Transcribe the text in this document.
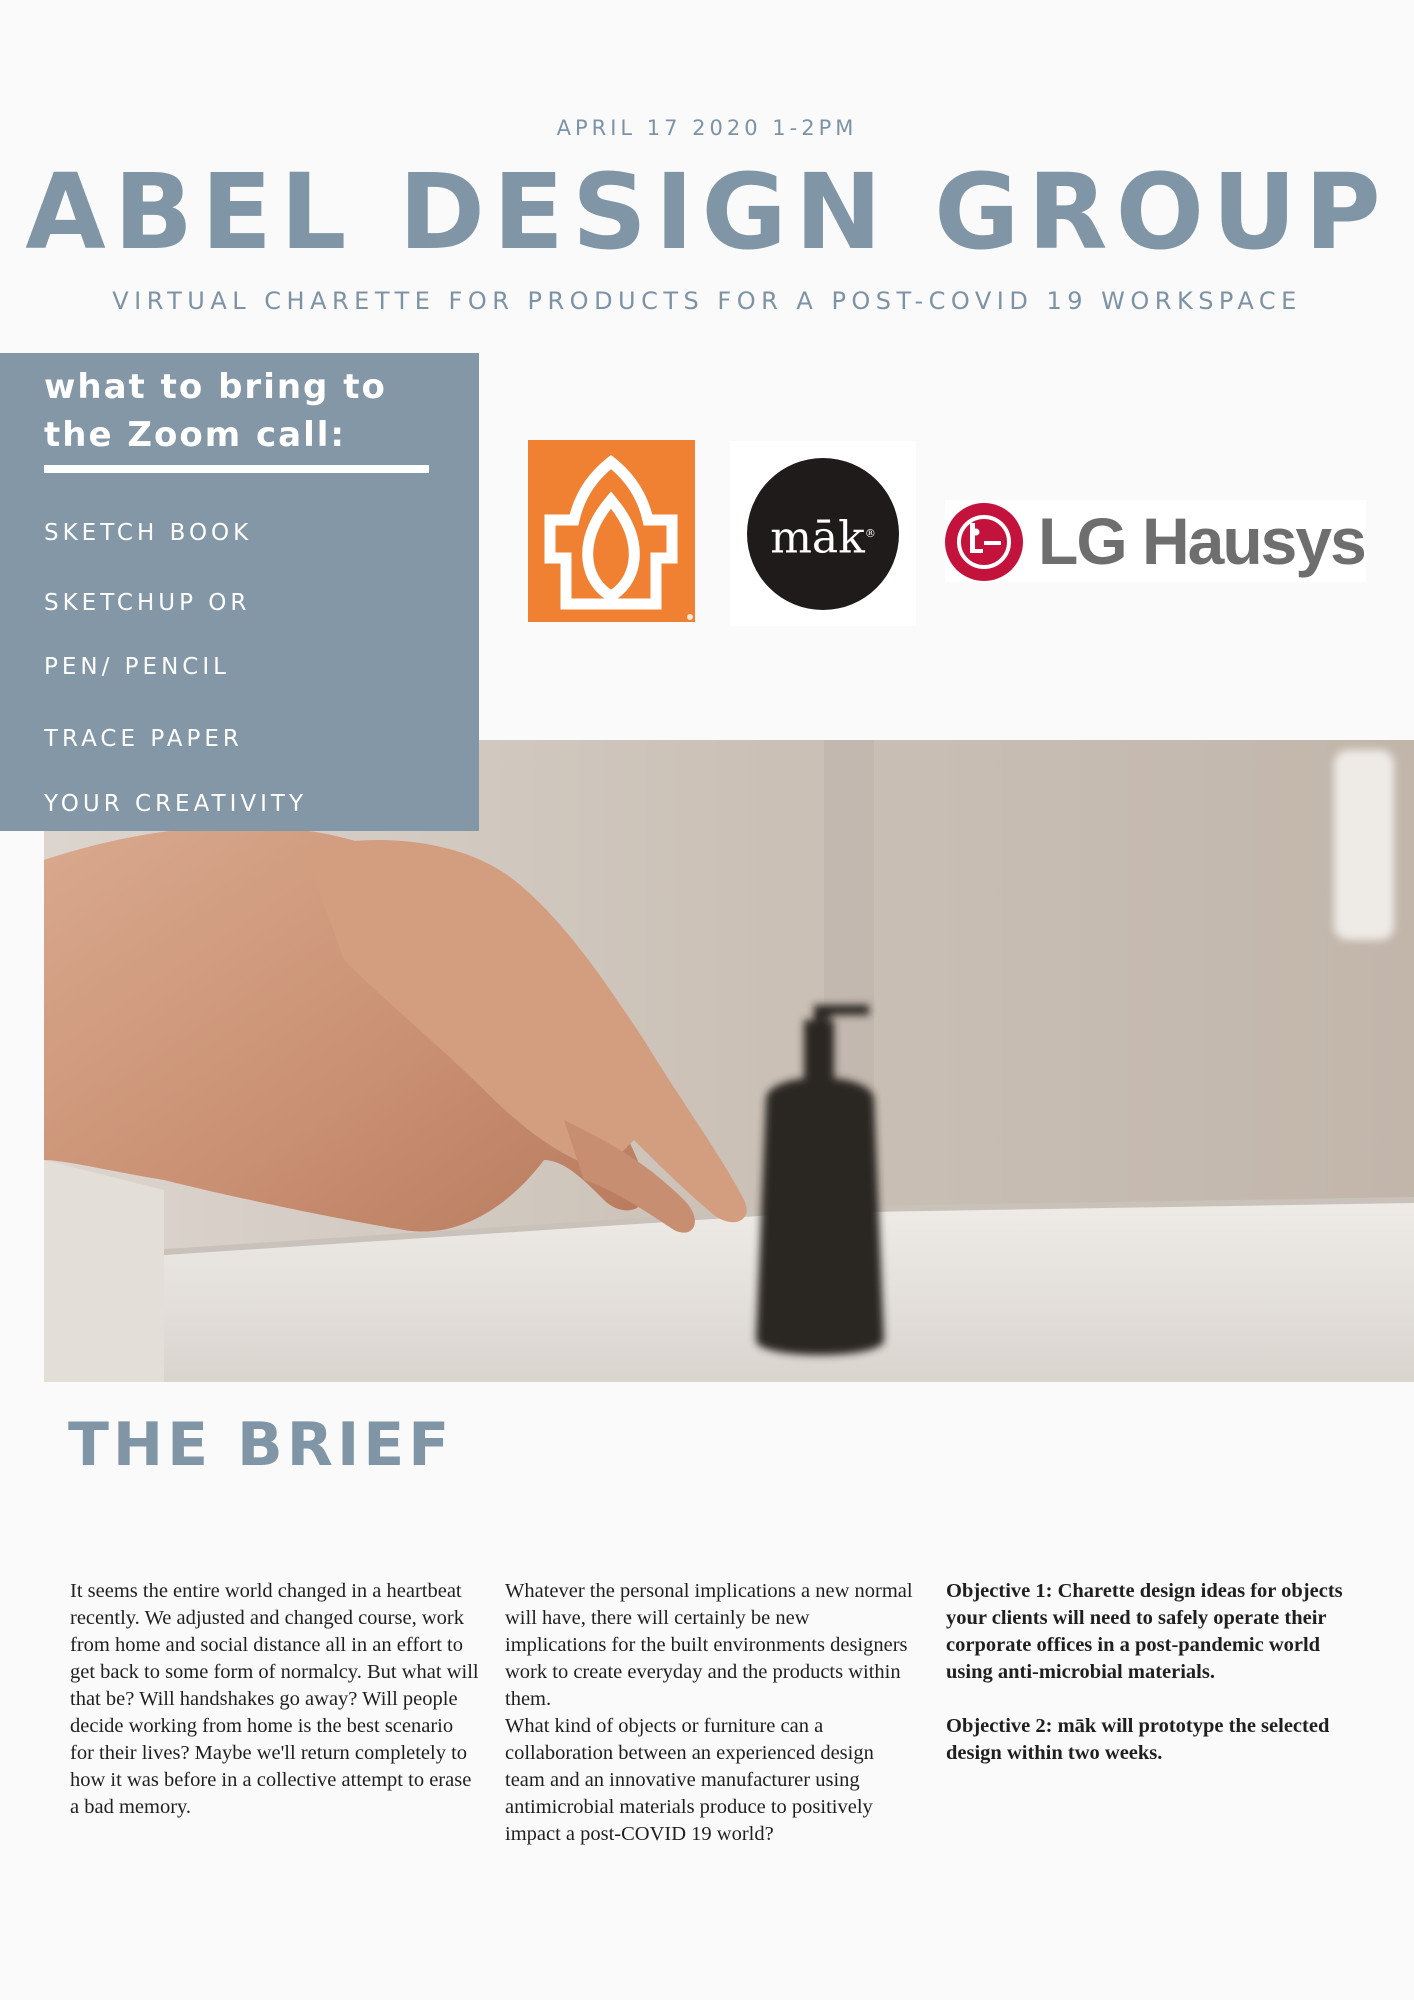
APRIL 17 2020 1-2PM
ABEL DESIGN GROUP
VIRTUAL CHARETTE FOR PRODUCTS FOR A POST-COVID 19 WORKSPACE
what to bring to
the Zoom call:
SKETCH BOOK
SKETCHUP OR
PEN/ PENCIL
TRACE PAPER
YOUR CREATIVITY
māk®	LG Hausys
THE BRIEF

It seems the entire world changed in a heartbeat recently. We adjusted and changed course, work from home and social distance all in an effort to get back to some form of normalcy. But what will that be? Will handshakes go away? Will people decide working from home is the best scenario for their lives? Maybe we'll return completely to how it was before in a collective attempt to erase a bad memory.

Whatever the personal implications a new normal will have, there will certainly be new implications for the built environments designers work to create everyday and the products within them.

What kind of objects or furniture can a collaboration between an experienced design team and an innovative manufacturer using antimicrobial materials produce to positively impact a post-COVID 19 world?

Objective 1: Charette design ideas for objects your clients will need to safely operate their corporate offices in a post-pandemic world using anti-microbial materials.

Objective 2: māk will prototype the selected design within two weeks.
